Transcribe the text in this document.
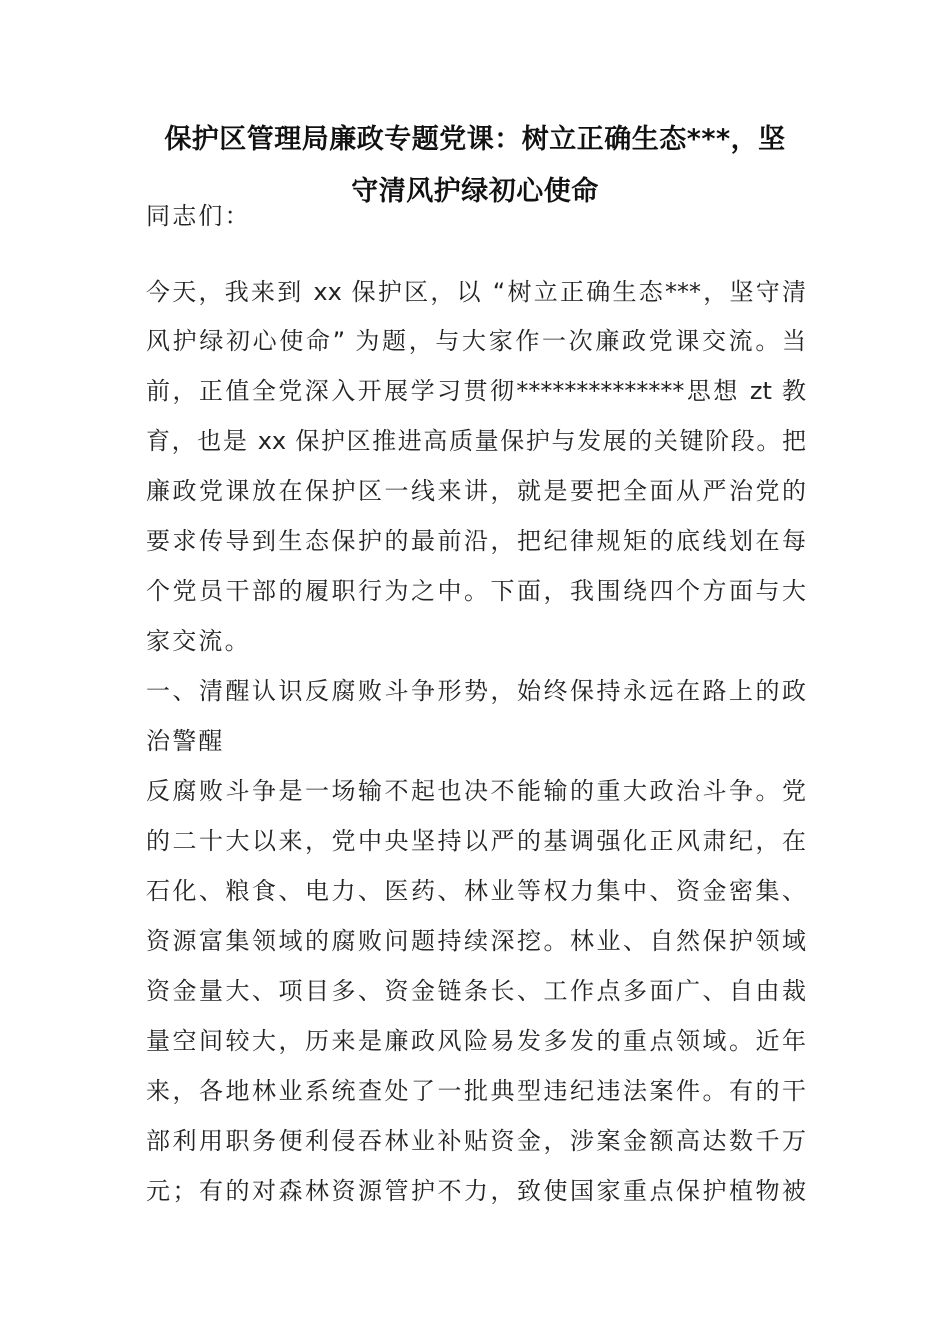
保护区管理局廉政专题党课：树立正确生态***，坚
守清风护绿初心使命
同志们：
今天，我来到 xx 保护区，以 “树立正确生态***，坚守清
风护绿初心使命” 为题，与大家作一次廉政党课交流。当
前，正值全党深入开展学习贯彻**************思想 zt 教
育，也是 xx 保护区推进高质量保护与发展的关键阶段。把
廉政党课放在保护区一线来讲，就是要把全面从严治党的
要求传导到生态保护的最前沿，把纪律规矩的底线划在每
个党员干部的履职行为之中。下面，我围绕四个方面与大
家交流。
一、清醒认识反腐败斗争形势，始终保持永远在路上的政
治警醒
反腐败斗争是一场输不起也决不能输的重大政治斗争。党
的二十大以来，党中央坚持以严的基调强化正风肃纪，在
石化、粮食、电力、医药、林业等权力集中、资金密集、
资源富集领域的腐败问题持续深挖。林业、自然保护领域
资金量大、项目多、资金链条长、工作点多面广、自由裁
量空间较大，历来是廉政风险易发多发的重点领域。近年
来，各地林业系统查处了一批典型违纪违法案件。有的干
部利用职务便利侵吞林业补贴资金，涉案金额高达数千万
元；有的对森林资源管护不力，致使国家重点保护植物被
